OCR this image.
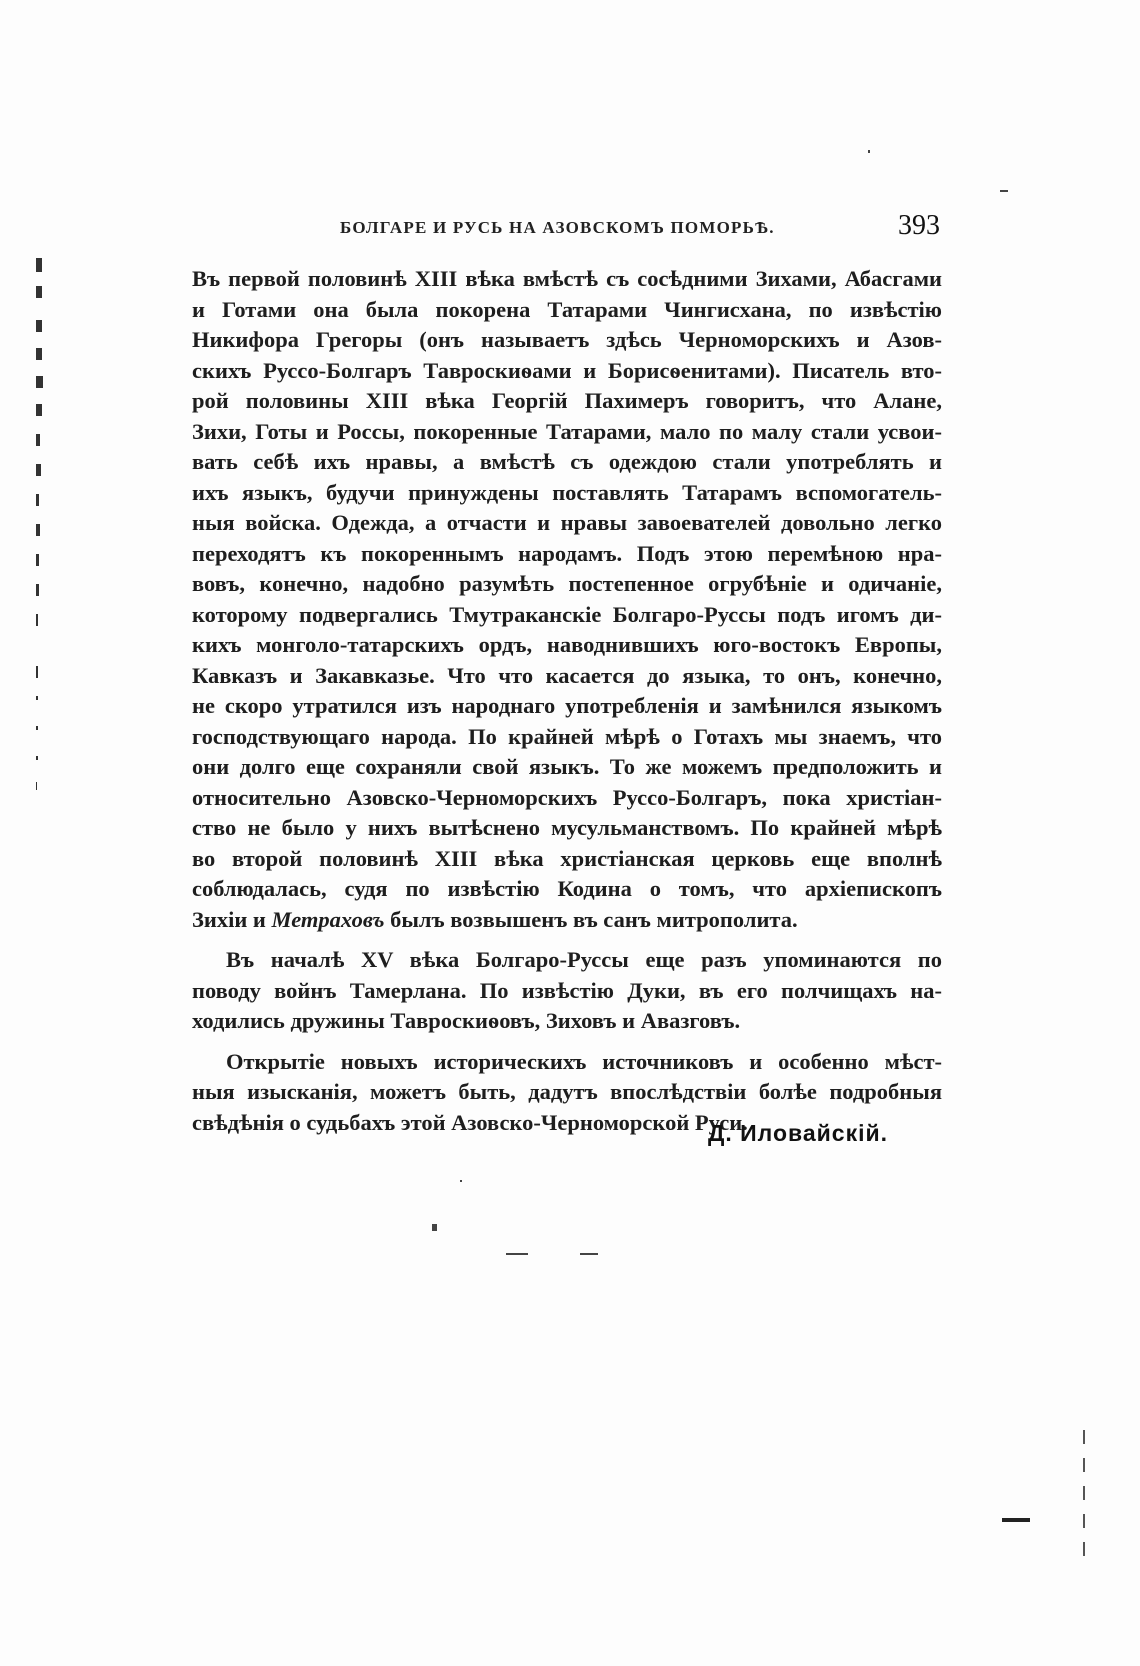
БОЛГАРЕ И РУСЬ НА АЗОВСКОМЪ ПОМОРЬѢ.	393
Въ первой половинѣ XIII вѣка вмѣстѣ съ сосѣдними Зихами, Абасгами
и Готами она была покорена Татарами Чингисхана, по извѣстію
Никифора Грегоры (онъ называетъ здѣсь Черноморскихъ и Азов-
скихъ Руссо-Болгаръ Тавроскиѳами и Борисѳенитами). Писатель вто-
рой половины XIII вѣка Георгій Пахимеръ говоритъ, что Алане,
Зихи, Готы и Россы, покоренные Татарами, мало по малу стали усвои-
вать себѣ ихъ нравы, а вмѣстѣ съ одеждою стали употреблять и
ихъ языкъ, будучи принуждены поставлять Татарамъ вспомогатель-
ныя войска. Одежда, а отчасти и нравы завоевателей довольно легко
переходятъ къ покореннымъ народамъ. Подъ этою перемѣною нра-
вовъ, конечно, надобно разумѣть постепенное огрубѣніе и одичаніе,
которому подвергались Тмутраканскіе Болгаро-Руссы подъ игомъ ди-
кихъ монголо-татарскихъ ордъ, наводнившихъ юго-востокъ Европы,
Кавказъ и Закавказье. Что что касается до языка, то онъ, конечно,
не скоро утратился изъ народнаго употребленія и замѣнился языкомъ
господствующаго народа. По крайней мѣрѣ о Готахъ мы знаемъ, что
они долго еще сохраняли свой языкъ. То же можемъ предположить и
относительно Азовско-Черноморскихъ Руссо-Болгаръ, пока христіан-
ство не было у нихъ вытѣснено мусульманствомъ. По крайней мѣрѣ
во второй половинѣ XIII вѣка христіанская церковь еще вполнѣ
соблюдалась, судя по извѣстію Кодина о томъ, что архіепископъ
Зихіи и Метраховъ былъ возвышенъ въ санъ митрополита.
Въ началѣ XV вѣка Болгаро-Руссы еще разъ упоминаются по
поводу войнъ Тамерлана. По извѣстію Дуки, въ его полчищахъ на-
ходились дружины Тавроскиѳовъ, Зиховъ и Авазговъ.
Открытіе новыхъ историческихъ источниковъ и особенно мѣст-
ныя изысканія, можетъ быть, дадутъ впослѣдствіи болѣе подробныя
свѣдѣнія о судьбахъ этой Азовско-Черноморской Руси.
Д. Иловайскій.
